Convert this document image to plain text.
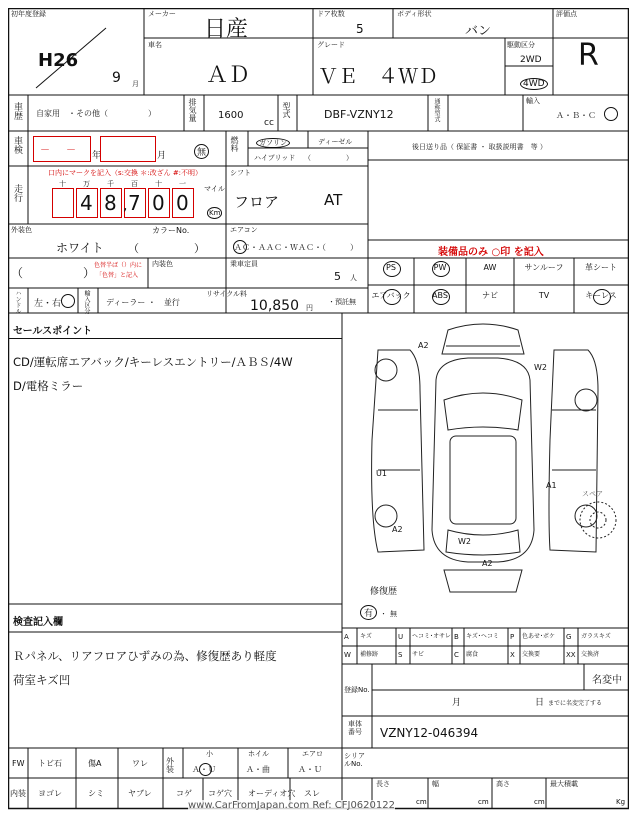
初年度登録
H26
9 月
メーカー
日産
ドア枚数
5
ボディ形状
バン
車名
ＡＤ
グレード
ＶＥ　４ＷＤ
駆動区分
2WD
4WD
評価点
R
車歴 自家用　・その他（　　　　　）	排気量 1600
cc
型式	DBF-VZNY12	通称型式	輸入
Ａ・Ｂ・Ｃ
車検 － － 年	月	無
燃料	ガソリン	ディーゼル
ハイブリッド （　　　　　）
後日送り品（ 保証書 ・ 取扱説明書　等 ）
走行
口内にマークを記入（s:交換 ＊:改ざん #:不明）
十 万
4
千
8
百
7
十
0
一
0
,
マイル
Km
シフト
フロア	AT
外装色
ホワイト
カラーNo.
（　　　　　）
エアコン
ＡＣ・ＡＡＣ・ＷＡＣ・（　　　）	装備品のみ ○印 を記入
（　　　　　）
色替半ば（）内に
「色替」と記入
内装色	乗車定員
5 人
PS	PW	AW	サンルーフ	革シート
エアバック	ABS	ナビ	TV	キーレス
ハンドル 左・右	輸入区分 ディーラー ・　並行
リサイクル料
10,850 円
・預託無
セールスポイント
CD/運転席エアバック/キーレスエントリー/ＡＢＳ/4W
D/電格ミラー
A2
W2
U1
A1
A2
W2
A2
スペア
修復歴
有 ・ 無
検査記入欄
Ｒパネル、リアフロアひずみの為、修復歴あり軽度
荷室キズ凹
A キズ	U ヘコミ･オサレ B キズ･ヘコミ P 色あせ･ボケ G ガラスキズ
W 補修跡	S サビ	C 腐食	X 交換要	XX 交換済
登録No.
名変中
月	日 までに名変完了する
車体番号	VZNY12-046394
シリアルNo.
FW トビ石	傷A	ワレ 外装
小	ホイル	エアロ
Ａ・Ｕ	Ａ・曲	Ａ・Ｕ
内装 ヨゴレ	シミ	ヤブレ	コゲ コゲ穴 オーディオ穴 スレ
長さ
cm
幅
cm
高さ
cm
最大積載
Kg
www.CarFromJapan.com Ref: CFJ0620122
